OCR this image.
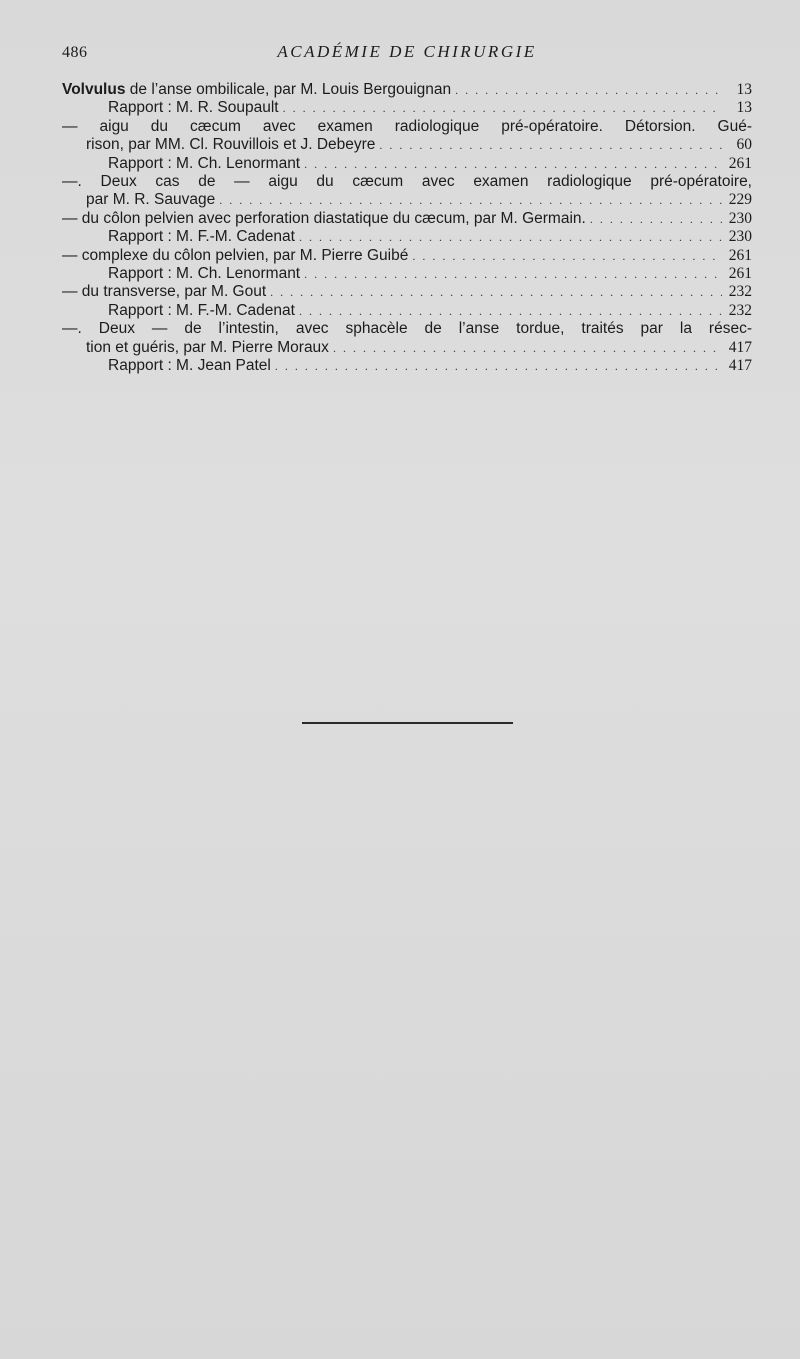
486	ACADÉMIE DE CHIRURGIE
Volvulus de l’anse ombilicale, par M. Louis Bergouignan . . .	13
Rapport : M. R. Soupault . . .	13
— aigu du cæcum avec examen radiologique pré-opératoire. Détorsion. Gué-
rison, par MM. Cl. Rouvillois et J. Debeyre . . .	60
Rapport : M. Ch. Lenormant . . .	261
—. Deux cas de — aigu du cæcum avec examen radiologique pré-opératoire,
par M. R. Sauvage . . .	229
— du côlon pelvien avec perforation diastatique du cæcum, par M. Germain. . . .	230
Rapport : M. F.-M. Cadenat . . .	230
— complexe du côlon pelvien, par M. Pierre Guibé . . .	261
Rapport : M. Ch. Lenormant . . .	261
— du transverse, par M. Gout . . .	232
Rapport : M. F.-M. Cadenat . . .	232
—. Deux — de l’intestin, avec sphacèle de l’anse tordue, traités par la résec-
tion et guéris, par M. Pierre Moraux . . .	417
Rapport : M. Jean Patel . . .	417
